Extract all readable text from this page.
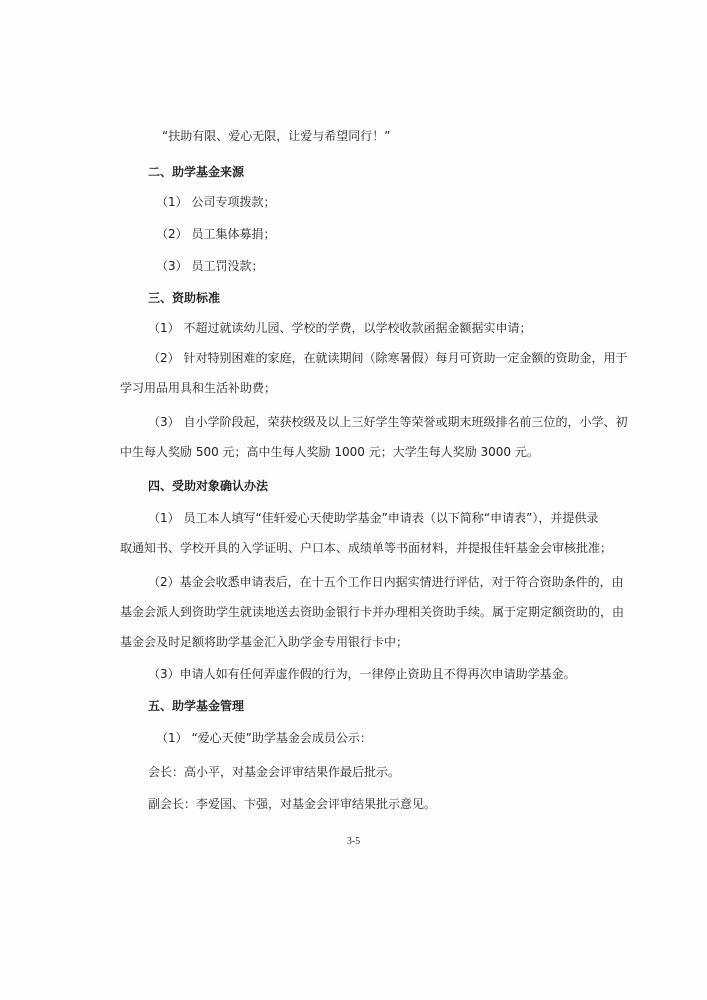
“扶助有限、爱心无限，让爱与希望同行！”
二、助学基金来源
（1） 公司专项拨款；
（2） 员工集体募捐；
（3） 员工罚没款；
三、资助标准
（1） 不超过就读幼儿园、学校的学费，以学校收款函据金额据实申请；
（2） 针对特别困难的家庭，在就读期间（除寒暑假）每月可资助一定金额的资助金，用于
学习用品用具和生活补助费；
（3） 自小学阶段起，荣获校级及以上三好学生等荣誉或期末班级排名前三位的，小学、初
中生每人奖励 500 元；高中生每人奖励 1000 元；大学生每人奖励 3000 元。
四、受助对象确认办法
（1） 员工本人填写“佳轩爱心天使助学基金”申请表（以下简称“申请表”），并提供录
取通知书、学校开具的入学证明、户口本、成绩单等书面材料，并提报佳轩基金会审核批准；
（2）基金会收悉申请表后，在十五个工作日内据实情进行评估，对于符合资助条件的，由
基金会派人到资助学生就读地送去资助金银行卡并办理相关资助手续。属于定期定额资助的，由
基金会及时足额将助学基金汇入助学金专用银行卡中；
（3）申请人如有任何弄虚作假的行为，一律停止资助且不得再次申请助学基金。
五、助学基金管理
（1） “爱心天使”助学基金会成员公示：
会长：高小平，对基金会评审结果作最后批示。
副会长：李爱国、卞强，对基金会评审结果批示意见。
3-5
